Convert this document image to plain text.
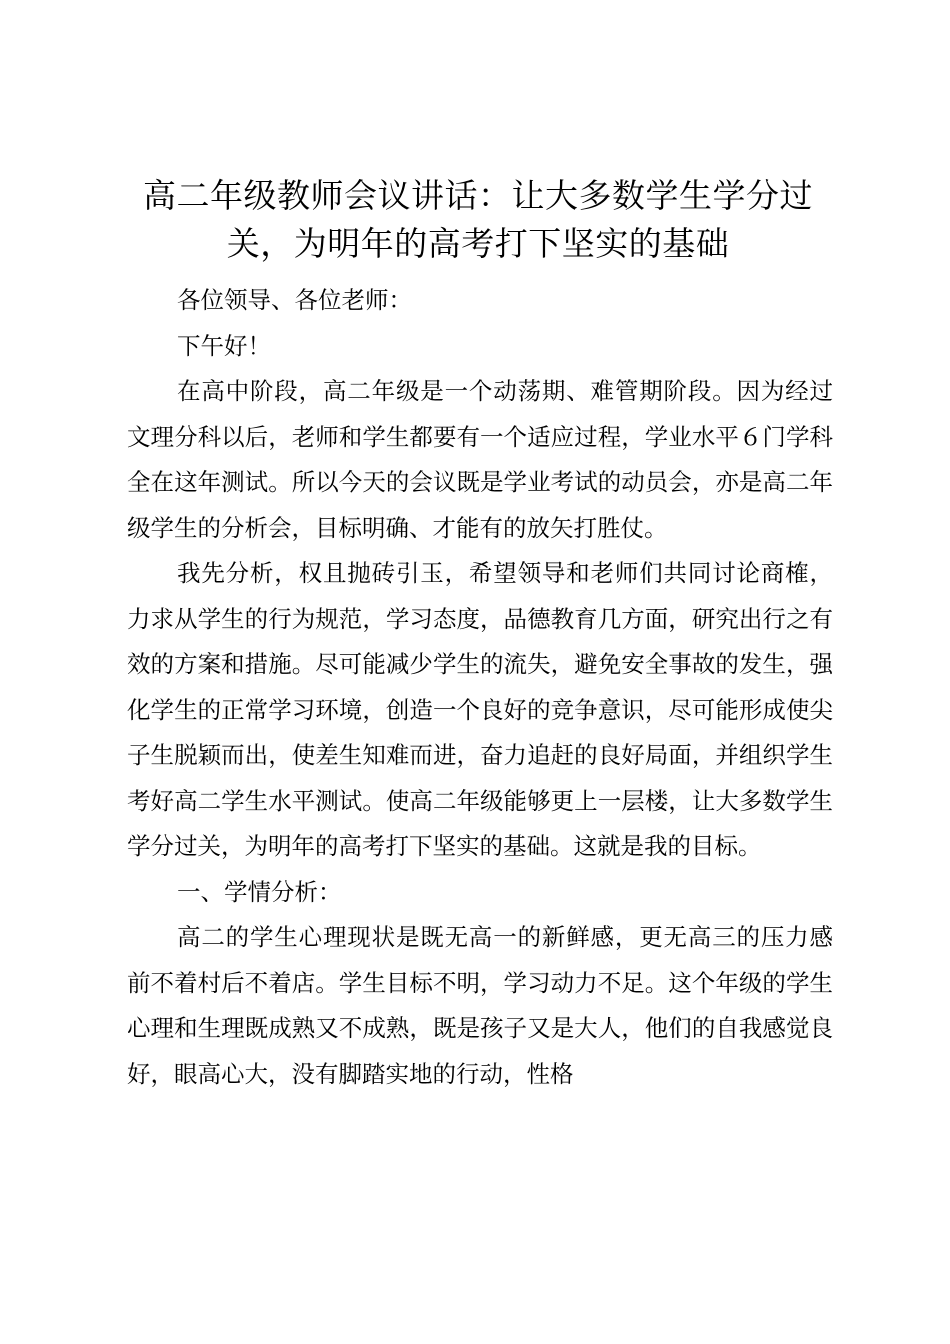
高二年级教师会议讲话：让大多数学生学分过
关，为明年的高考打下坚实的基础

各位领导、各位老师：

下午好！

在高中阶段，高二年级是一个动荡期、难管期阶段。因为经过文理分科以后，老师和学生都要有一个适应过程，学业水平６门学科全在这年测试。所以今天的会议既是学业考试的动员会，亦是高二年级学生的分析会，目标明确、才能有的放矢打胜仗。

我先分析，权且抛砖引玉，希望领导和老师们共同讨论商榷，力求从学生的行为规范，学习态度，品德教育几方面，研究出行之有效的方案和措施。尽可能减少学生的流失，避免安全事故的发生，强化学生的正常学习环境，创造一个良好的竞争意识，尽可能形成使尖子生脱颖而出，使差生知难而进，奋力追赶的良好局面，并组织学生考好高二学生水平测试。使高二年级能够更上一层楼，让大多数学生学分过关，为明年的高考打下坚实的基础。这就是我的目标。

一、学情分析：

高二的学生心理现状是既无高一的新鲜感，更无高三的压力感前不着村后不着店。学生目标不明，学习动力不足。这个年级的学生心理和生理既成熟又不成熟，既是孩子又是大人，他们的自我感觉良好，眼高心大，没有脚踏实地的行动，性格
